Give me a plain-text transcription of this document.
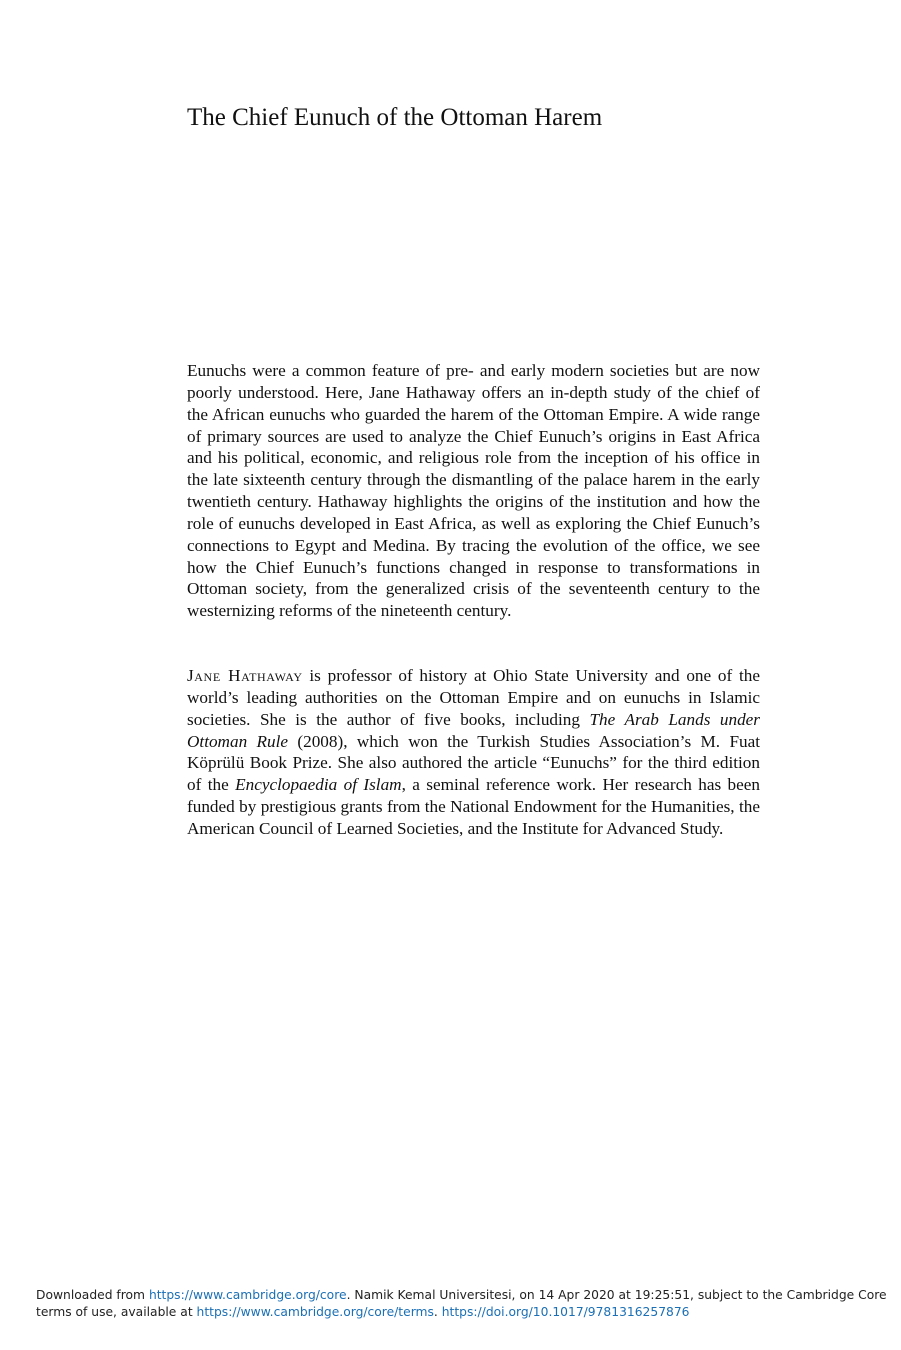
The Chief Eunuch of the Ottoman Harem

Eunuchs were a common feature of pre- and early modern societies but are now poorly understood. Here, Jane Hathaway offers an in-depth study of the chief of the African eunuchs who guarded the harem of the Ottoman Empire. A wide range of primary sources are used to analyze the Chief Eunuch’s origins in East Africa and his political, economic, and religious role from the inception of his office in the late sixteenth century through the dismantling of the palace harem in the early twentieth century. Hathaway highlights the origins of the institution and how the role of eunuchs developed in East Africa, as well as exploring the Chief Eunuch’s connections to Egypt and Medina. By tracing the evolution of the office, we see how the Chief Eunuch’s functions changed in response to transformations in Ottoman society, from the generalized crisis of the seventeenth century to the westernizing reforms of the nineteenth century.

Jane Hathaway is professor of history at Ohio State University and one of the world’s leading authorities on the Ottoman Empire and on eunuchs in Islamic societies. She is the author of five books, including The Arab Lands under Ottoman Rule (2008), which won the Turkish Studies Association’s M. Fuat Köprülü Book Prize. She also authored the article “Eunuchs” for the third edition of the Encyclopaedia of Islam, a seminal reference work. Her research has been funded by prestigious grants from the National Endowment for the Humanities, the American Council of Learned Societies, and the Institute for Advanced Study.

Downloaded from https://www.cambridge.org/core. Namik Kemal Universitesi, on 14 Apr 2020 at 19:25:51, subject to the Cambridge Core
terms of use, available at https://www.cambridge.org/core/terms. https://doi.org/10.1017/9781316257876
